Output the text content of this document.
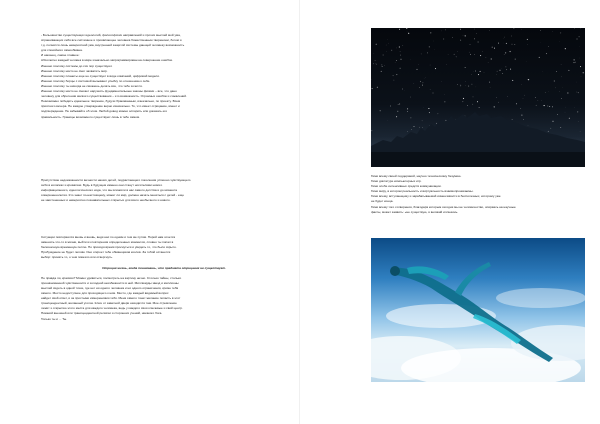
- Большинство существующих идеологий, философских направлений и прочих мыслей мой ума,
спрашивающих себя все системное и проявляющее человека божественным творением, богом и
т.д. полнятся лишь невероятной ума, внутренней защитой системы дающей человеку возможность
для спокойного самообмана.
И наконец, самое главное:
Абсолютно каждый человек в мире изначально запрограммирован на совершение ошибок.
Именно поэтому системы до сих пор существуют.
Именно поэтому никто не смог захватить мир.
Именно поэтому планеты еще не существует в виде компаний, цифровой модели.
Именно поэтому борцы с системой вызывают улыбку по отношению к себе.
Именно поэтому ты никогда не сможешь делать все, что тебе хочется.
Именно поэтому никто не сможет нарушить фундаментальные законы физики – все, что дано
человеку для обретения жалкого существования – это возможность. Огромных ошибок и сожалений.
Невозможно победить идеальное творение, будучи бракованным, изначально, по проекту. Всем
приятного вечера. Не каждое утверждение верно изначально. То, что имеет отрицание, имеет и
подтверждение. Не забывайте об этом. Любой довод можно оспорить или доказать его
правильность. Границы возможного существуют лишь в тебе самом.
Присутствие недоказанности вечности наших детей, подрастающего поколения успешно чувствующего
себя в колясках и кроватках. Будь в будущем именно они станут носителями нового
информационного, идеологического кода, что мы вложили в нас самого детства и до момента
совершеннолетия. Кто знает по-настоящему, может ли мир, должен начать меняться с детей - еще
не заистененных и невероятно познавательных открытых для всего необычного и нового.
Ситуации повторяются вновь и вновь, ведя нас по одним и тем же путям. Порой нам хочется
заменить что-то в жизни, выйти из повторения определенных моментов, словно ты попал в
бесконечную временную петлю. Но приходя время проснуться и увидеть то, что было скрыто.
Пробуждение не будет легким. Оно откроет тебе обманщиков козлов. За тобой останется
выбор: принять то, о чем повезло или отвергнуть.

Отрицая жизнь, когда понимаешь, что предмета отрицания не существует.

Не правда ли, красиво? Можно удивиться, посмотреть на картину нечно. Столько тайны, столько
проникновенной чувственности и холодной неизбежности в ней. Миллиарды звезд и миллионы
мыслей сидеть в одной точке, где нет ни одного человека и ни одного ограничения, кроме тебя
самого. Место недоступное для проходящего к ним. Место, где каждый видимый вопрос
найдет свой ответ, и за простыми измерениями тебя. Меня самого тянет желание попасть в этот
трансцендентный, желанный уголок. Ключ от заветной двери находится там. Мое стремление
лежит к открытию этого места для каждого человека, ведь у каждого свои ключевые и свой центр.
Никакой внешней или трансцендентной религии и сторонних учений, никакого бога.
Только ты и ... Ты.
Гими всему своей поддержкой, научно техническому безумию.
Гими диктатуре компьютерных игр.
Гими злобе интенсивных средств коммуникации.
Гими миру, в котором реальность и виртуальность взаимопроникаемы.
Гими всему, вступающему и зарабатываемой изменчивости в бесполезных, которому уже
не будет конца.
Гими всему того сотворения, благодаря которым сегодня мы не человечество, опираясь на научные
факты, может заявить: «не существую, я великий иллюзии».
